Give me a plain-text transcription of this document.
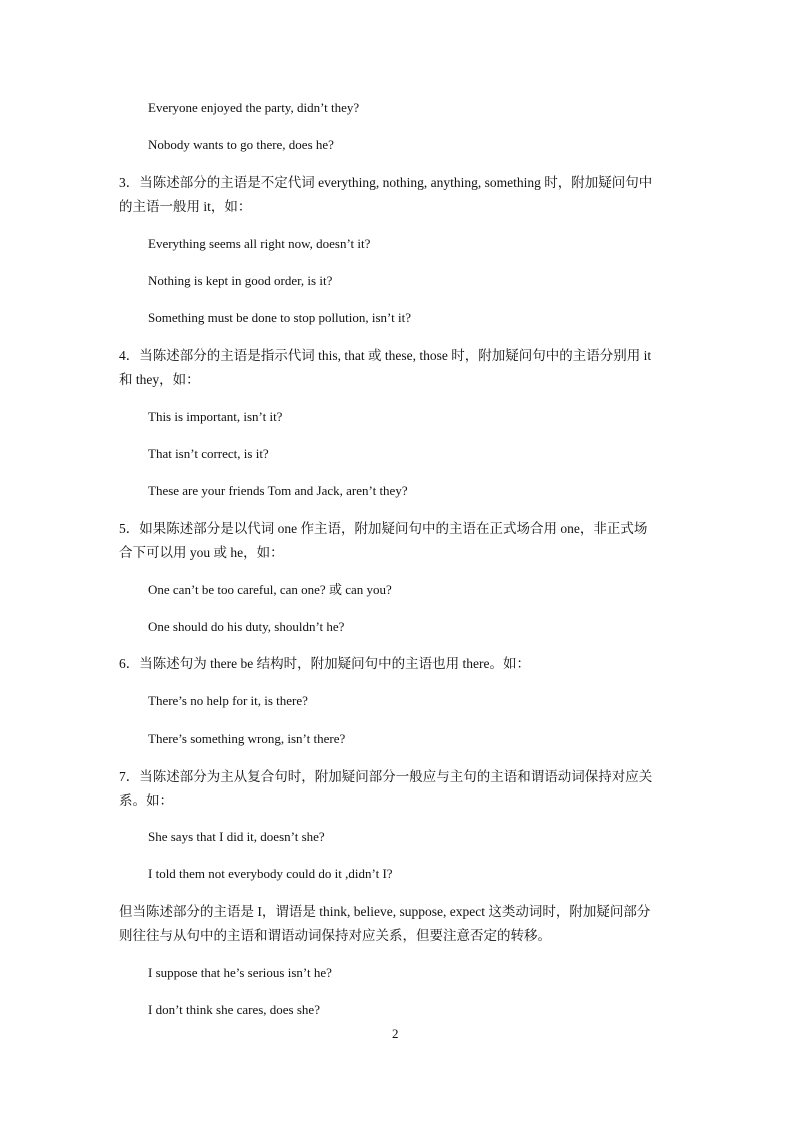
Everyone enjoyed the party, didn’t they?
Nobody wants to go there, does he?
3．当陈述部分的主语是不定代词 everything, nothing, anything, something 时，附加疑问句中
的主语一般用 it，如：
Everything seems all right now, doesn’t it?
Nothing is kept in good order, is it?
Something must be done to stop pollution, isn’t it?
4．当陈述部分的主语是指示代词 this, that 或 these, those 时，附加疑问句中的主语分别用 it
和 they，如：
This is important, isn’t it?
That isn’t correct, is it?
These are your friends Tom and Jack, aren’t they?
5．如果陈述部分是以代词 one 作主语，附加疑问句中的主语在正式场合用 one，非正式场
合下可以用 you 或 he，如：
One can’t be too careful, can one? 或 can you?
One should do his duty, shouldn’t he?
6．当陈述句为 there be 结构时，附加疑问句中的主语也用 there。如：
There’s no help for it, is there?
There’s something wrong, isn’t there?
7．当陈述部分为主从复合句时，附加疑问部分一般应与主句的主语和谓语动词保持对应关
系。如：
She says that I did it, doesn’t she?
I told them not everybody could do it ,didn’t I?
但当陈述部分的主语是 I，谓语是 think, believe, suppose, expect 这类动词时，附加疑问部分
则往往与从句中的主语和谓语动词保持对应关系，但要注意否定的转移。
I suppose that he’s serious isn’t he?
I don’t think she cares, does she?
2
